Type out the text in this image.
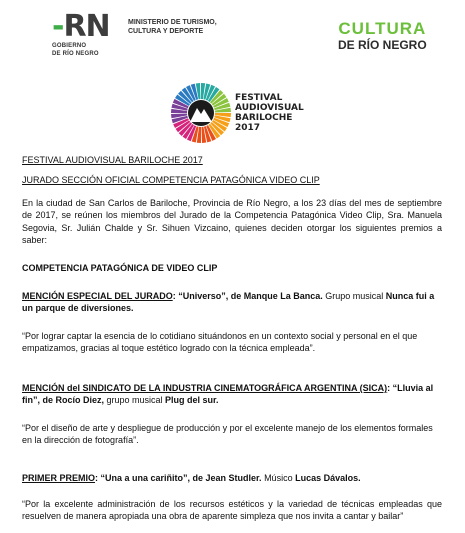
-RN
GOBIERNO
DE RÍO NEGRO
MINISTERIO DE TURISMO,
CULTURA Y DEPORTE	CULTURA
DE RÍO NEGRO
FESTIVAL
AUDIOVISUAL
BARILOCHE
2017

FESTIVAL AUDIOVISUAL BARILOCHE 2017

JURADO SECCIÓN OFICIAL COMPETENCIA PATAGÓNICA VIDEO CLIP

En la ciudad de San Carlos de Bariloche, Provincia de Río Negro, a los 23 días del mes de septiembre de 2017, se reúnen los miembros del Jurado de la Competencia Patagónica Video Clip, Sra. Manuela Segovia, Sr. Julián Chalde y Sr. Sihuen Vizcaino, quienes deciden otorgar los siguientes premios a saber:

COMPETENCIA PATAGÓNICA DE VIDEO CLIP

MENCIÓN ESPECIAL DEL JURADO: “Universo”, de Manque La Banca. Grupo musical Nunca fui a un parque de diversiones.

“Por lograr captar la esencia de lo cotidiano situándonos en un contexto social y personal en el que empatizamos, gracias al toque estético logrado con la técnica empleada”.

MENCIÓN del SINDICATO DE LA INDUSTRIA CINEMATOGRÁFICA ARGENTINA (SICA): “Lluvia al fin”, de Rocío Diez, grupo musical Plug del sur.

“Por el diseño de arte y despliegue de producción y por el excelente manejo de los elementos formales en la dirección de fotografía”.

PRIMER PREMIO: “Una a una cariñito”, de Jean Studler. Músico Lucas Dávalos.

“Por la excelente administración de los recursos estéticos y la variedad de técnicas empleadas que resuelven de manera apropiada una obra de aparente simpleza que nos invita a cantar y bailar”
